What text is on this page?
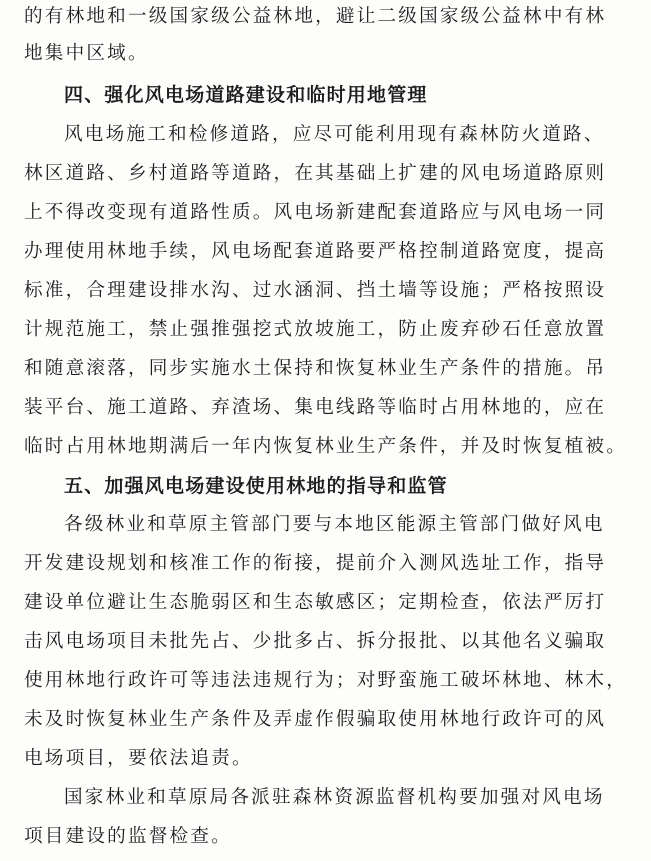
的有林地和一级国家级公益林地，避让二级国家级公益林中有林
地集中区域。
四、强化风电场道路建设和临时用地管理
风电场施工和检修道路，应尽可能利用现有森林防火道路、
林区道路、乡村道路等道路，在其基础上扩建的风电场道路原则
上不得改变现有道路性质。风电场新建配套道路应与风电场一同
办理使用林地手续，风电场配套道路要严格控制道路宽度，提高
标准，合理建设排水沟、过水涵洞、挡土墙等设施；严格按照设
计规范施工，禁止强推强挖式放坡施工，防止废弃砂石任意放置
和随意滚落，同步实施水土保持和恢复林业生产条件的措施。吊
装平台、施工道路、弃渣场、集电线路等临时占用林地的，应在
临时占用林地期满后一年内恢复林业生产条件，并及时恢复植被。
五、加强风电场建设使用林地的指导和监管
各级林业和草原主管部门要与本地区能源主管部门做好风电
开发建设规划和核准工作的衔接，提前介入测风选址工作，指导
建设单位避让生态脆弱区和生态敏感区；定期检查，依法严厉打
击风电场项目未批先占、少批多占、拆分报批、以其他名义骗取
使用林地行政许可等违法违规行为；对野蛮施工破坏林地、林木，
未及时恢复林业生产条件及弄虚作假骗取使用林地行政许可的风
电场项目，要依法追责。
国家林业和草原局各派驻森林资源监督机构要加强对风电场
项目建设的监督检查。
